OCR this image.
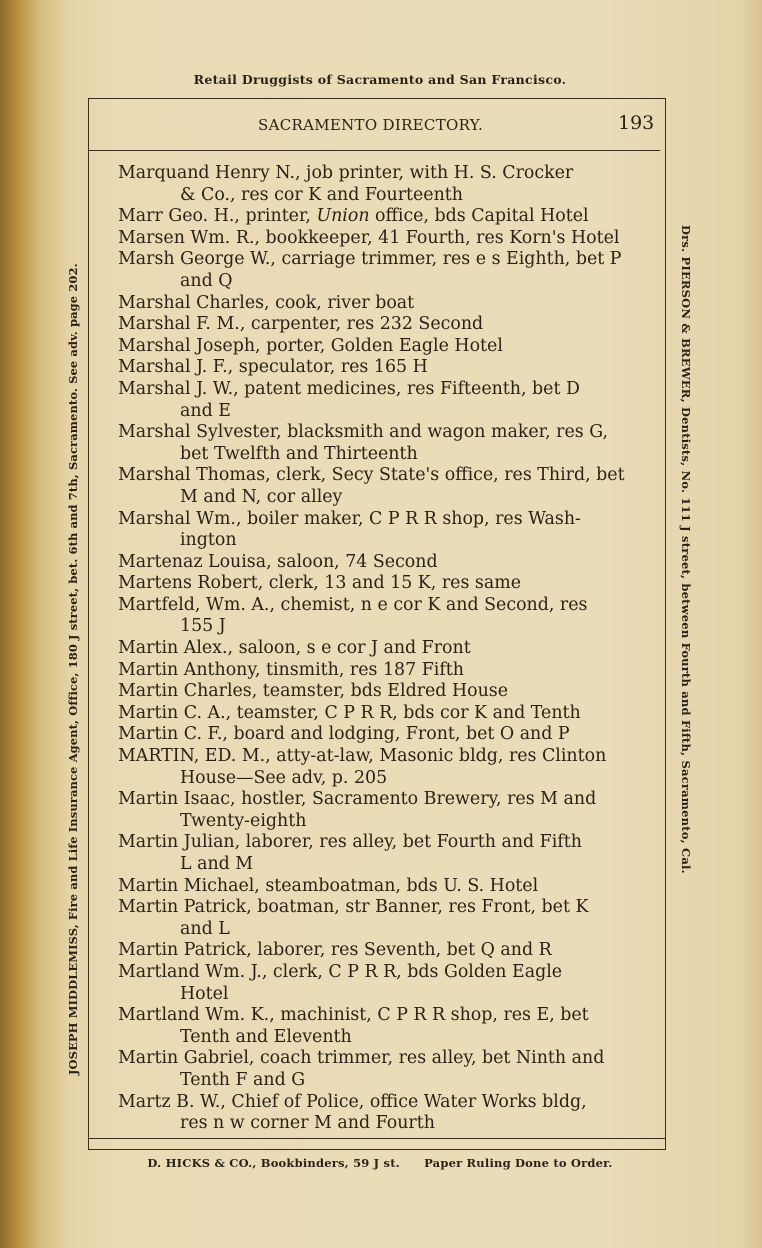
Retail Druggists of Sacramento and San Francisco.
SACRAMENTO DIRECTORY.	193
JOSEPH MIDDLEMISS, Fire and Life Insurance Agent, Office, 180 J street, bet. 6th and 7th, Sacramento. See adv. page 202.	Drs. PIERSON & BREWER, Dentists, No. 111 J street, between Fourth and Fifth, Sacramento, Cal.
Marquand Henry N., job printer, with H. S. Crocker
& Co., res cor K and Fourteenth
Marr Geo. H., printer, Union office, bds Capital Hotel
Marsen Wm. R., bookkeeper, 41 Fourth, res Korn's Hotel
Marsh George W., carriage trimmer, res e s Eighth, bet P
and Q
Marshal Charles, cook, river boat
Marshal F. M., carpenter, res 232 Second
Marshal Joseph, porter, Golden Eagle Hotel
Marshal J. F., speculator, res 165 H
Marshal J. W., patent medicines, res Fifteenth, bet D
and E
Marshal Sylvester, blacksmith and wagon maker, res G,
bet Twelfth and Thirteenth
Marshal Thomas, clerk, Secy State's office, res Third, bet
M and N, cor alley
Marshal Wm., boiler maker, C P R R shop, res Wash-
ington
Martenaz Louisa, saloon, 74 Second
Martens Robert, clerk, 13 and 15 K, res same
Martfeld, Wm. A., chemist, n e cor K and Second, res
155 J
Martin Alex., saloon, s e cor J and Front
Martin Anthony, tinsmith, res 187 Fifth
Martin Charles, teamster, bds Eldred House
Martin C. A., teamster, C P R R, bds cor K and Tenth
Martin C. F., board and lodging, Front, bet O and P
MARTIN, ED. M., atty-at-law, Masonic bldg, res Clinton
House—See adv, p. 205
Martin Isaac, hostler, Sacramento Brewery, res M and
Twenty-eighth
Martin Julian, laborer, res alley, bet Fourth and Fifth
L and M
Martin Michael, steamboatman, bds U. S. Hotel
Martin Patrick, boatman, str Banner, res Front, bet K
and L
Martin Patrick, laborer, res Seventh, bet Q and R
Martland Wm. J., clerk, C P R R, bds Golden Eagle
Hotel
Martland Wm. K., machinist, C P R R shop, res E, bet
Tenth and Eleventh
Martin Gabriel, coach trimmer, res alley, bet Ninth and
Tenth F and G
Martz B. W., Chief of Police, office Water Works bldg,
res n w corner M and Fourth
D. HICKS & CO., Bookbinders, 59 J st. Paper Ruling Done to Order.
